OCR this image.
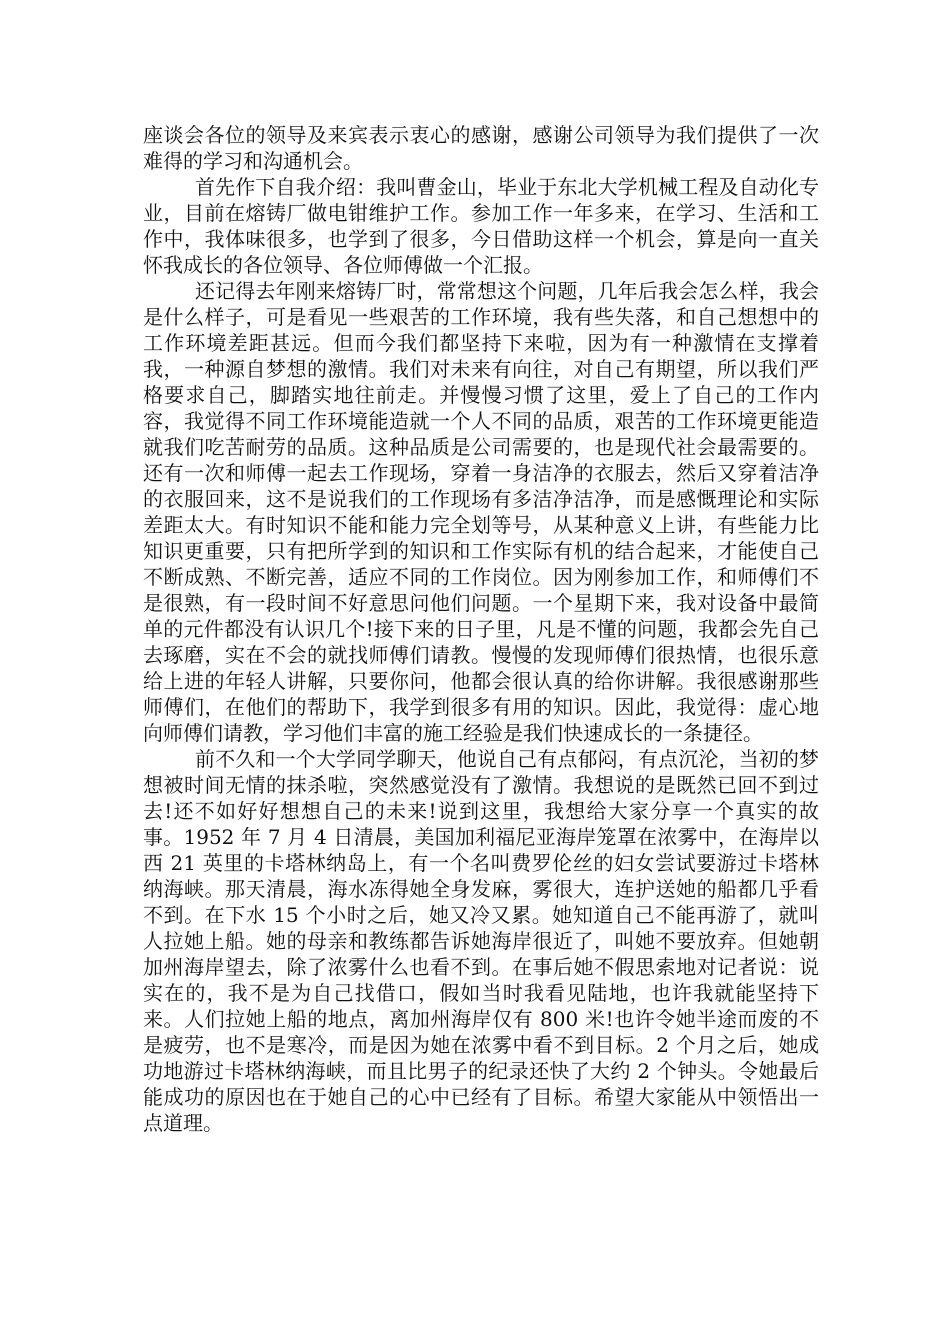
座谈会各位的领导及来宾表示衷心的感谢，感谢公司领导为我们提供了一次难得的学习和沟通机会。

首先作下自我介绍：我叫曹金山，毕业于东北大学机械工程及自动化专业，目前在熔铸厂做电钳维护工作。参加工作一年多来，在学习、生活和工作中，我体味很多，也学到了很多，今日借助这样一个机会，算是向一直关怀我成长的各位领导、各位师傅做一个汇报。

还记得去年刚来熔铸厂时，常常想这个问题，几年后我会怎么样，我会是什么样子，可是看见一些艰苦的工作环境，我有些失落，和自己想想中的工作环境差距甚远。但而今我们都坚持下来啦，因为有一种激情在支撑着我，一种源自梦想的激情。我们对未来有向往，对自己有期望，所以我们严格要求自己，脚踏实地往前走。并慢慢习惯了这里，爱上了自己的工作内容，我觉得不同工作环境能造就一个人不同的品质，艰苦的工作环境更能造就我们吃苦耐劳的品质。这种品质是公司需要的，也是现代社会最需要的。还有一次和师傅一起去工作现场，穿着一身洁净的衣服去，然后又穿着洁净的衣服回来，这不是说我们的工作现场有多洁净洁净，而是感慨理论和实际差距太大。有时知识不能和能力完全划等号，从某种意义上讲，有些能力比知识更重要，只有把所学到的知识和工作实际有机的结合起来，才能使自己不断成熟、不断完善，适应不同的工作岗位。因为刚参加工作，和师傅们不是很熟，有一段时间不好意思问他们问题。一个星期下来，我对设备中最简单的元件都没有认识几个!接下来的日子里，凡是不懂的问题，我都会先自己去琢磨，实在不会的就找师傅们请教。慢慢的发现师傅们很热情，也很乐意给上进的年轻人讲解，只要你问，他都会很认真的给你讲解。我很感谢那些师傅们，在他们的帮助下，我学到很多有用的知识。因此，我觉得：虚心地向师傅们请教，学习他们丰富的施工经验是我们快速成长的一条捷径。

前不久和一个大学同学聊天，他说自己有点郁闷，有点沉沦，当初的梦想被时间无情的抹杀啦，突然感觉没有了激情。我想说的是既然已回不到过去!还不如好好想想自己的未来!说到这里，我想给大家分享一个真实的故事。1952 年 7 月 4 日清晨，美国加利福尼亚海岸笼罩在浓雾中，在海岸以西 21 英里的卡塔林纳岛上，有一个名叫费罗伦丝的妇女尝试要游过卡塔林纳海峡。那天清晨，海水冻得她全身发麻，雾很大，连护送她的船都几乎看不到。在下水 15 个小时之后，她又冷又累。她知道自己不能再游了，就叫人拉她上船。她的母亲和教练都告诉她海岸很近了，叫她不要放弃。但她朝加州海岸望去，除了浓雾什么也看不到。在事后她不假思索地对记者说：说实在的，我不是为自己找借口，假如当时我看见陆地，也许我就能坚持下来。人们拉她上船的地点，离加州海岸仅有 800 米!也许令她半途而废的不是疲劳，也不是寒冷，而是因为她在浓雾中看不到目标。2 个月之后，她成功地游过卡塔林纳海峡，而且比男子的纪录还快了大约 2 个钟头。令她最后能成功的原因也在于她自己的心中已经有了目标。希望大家能从中领悟出一点道理。
